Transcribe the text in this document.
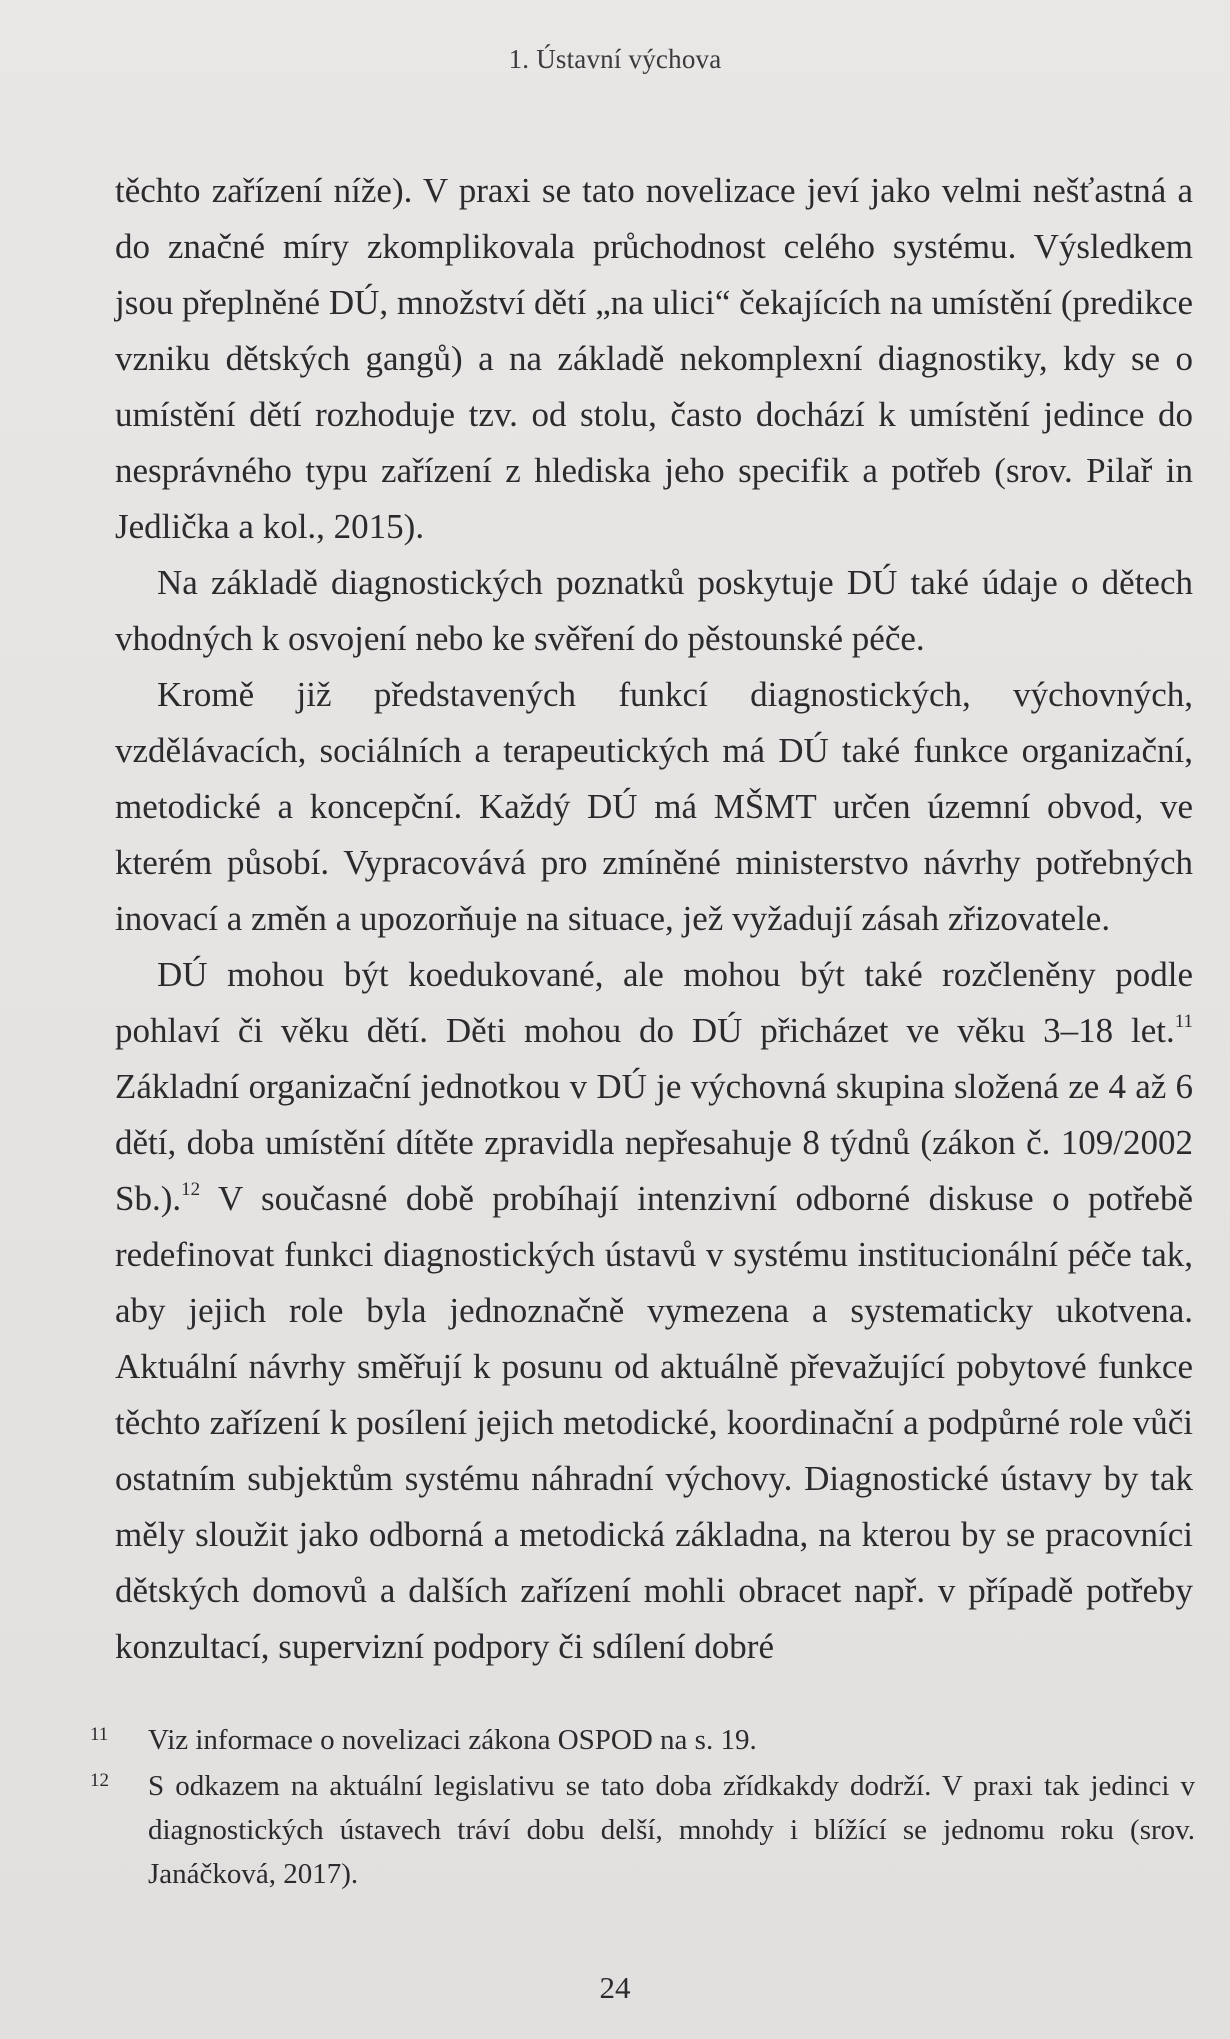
1. Ústavní výchova

těchto zařízení níže). V praxi se tato novelizace jeví jako velmi nešťastná a do značné míry zkomplikovala průchodnost celého systému. Výsledkem jsou přeplněné DÚ, množství dětí „na ulici“ čekajících na umístění (predikce vzniku dětských gangů) a na základě nekomplexní diagnostiky, kdy se o umístění dětí rozhoduje tzv. od stolu, často dochází k umístění jedince do nesprávného typu zařízení z hlediska jeho specifik a potřeb (srov. Pilař in Jedlička a kol., 2015).

Na základě diagnostických poznatků poskytuje DÚ také údaje o dětech vhodných k osvojení nebo ke svěření do pěstounské péče.

Kromě již představených funkcí diagnostických, výchovných, vzdělávacích, sociálních a terapeutických má DÚ také funkce organizační, metodické a koncepční. Každý DÚ má MŠMT určen územní obvod, ve kterém působí. Vypracovává pro zmíněné ministerstvo návrhy potřebných inovací a změn a upozorňuje na situace, jež vyžadují zásah zřizovatele.

DÚ mohou být koedukované, ale mohou být také rozčleněny podle pohlaví či věku dětí. Děti mohou do DÚ přicházet ve věku 3–18 let.$^{11}$ Základní organizační jednotkou v DÚ je výchovná skupina složená ze 4 až 6 dětí, doba umístění dítěte zpravidla nepřesahuje 8 týdnů (zákon č. 109/2002 Sb.).$^{12}$ V současné době probíhají intenzivní odborné diskuse o potřebě redefinovat funkci diagnostických ústavů v systému institucionální péče tak, aby jejich role byla jednoznačně vymezena a systematicky ukotvena. Aktuální návrhy směřují k posunu od aktuálně převažující pobytové funkce těchto zařízení k posílení jejich metodické, koordinační a podpůrné role vůči ostatním subjektům systému náhradní výchovy. Diagnostické ústavy by tak měly sloužit jako odborná a metodická základna, na kterou by se pracovníci dětských domovů a dalších zařízení mohli obracet např. v případě potřeby konzultací, supervizní podpory či sdílení dobré

11	Viz informace o novelizaci zákona OSPOD na s. 19.
12	S odkazem na aktuální legislativu se tato doba zřídkakdy dodrží. V praxi tak jedinci v diagnostických ústavech tráví dobu delší, mnohdy i blížící se jednomu roku (srov. Janáčková, 2017).
24
